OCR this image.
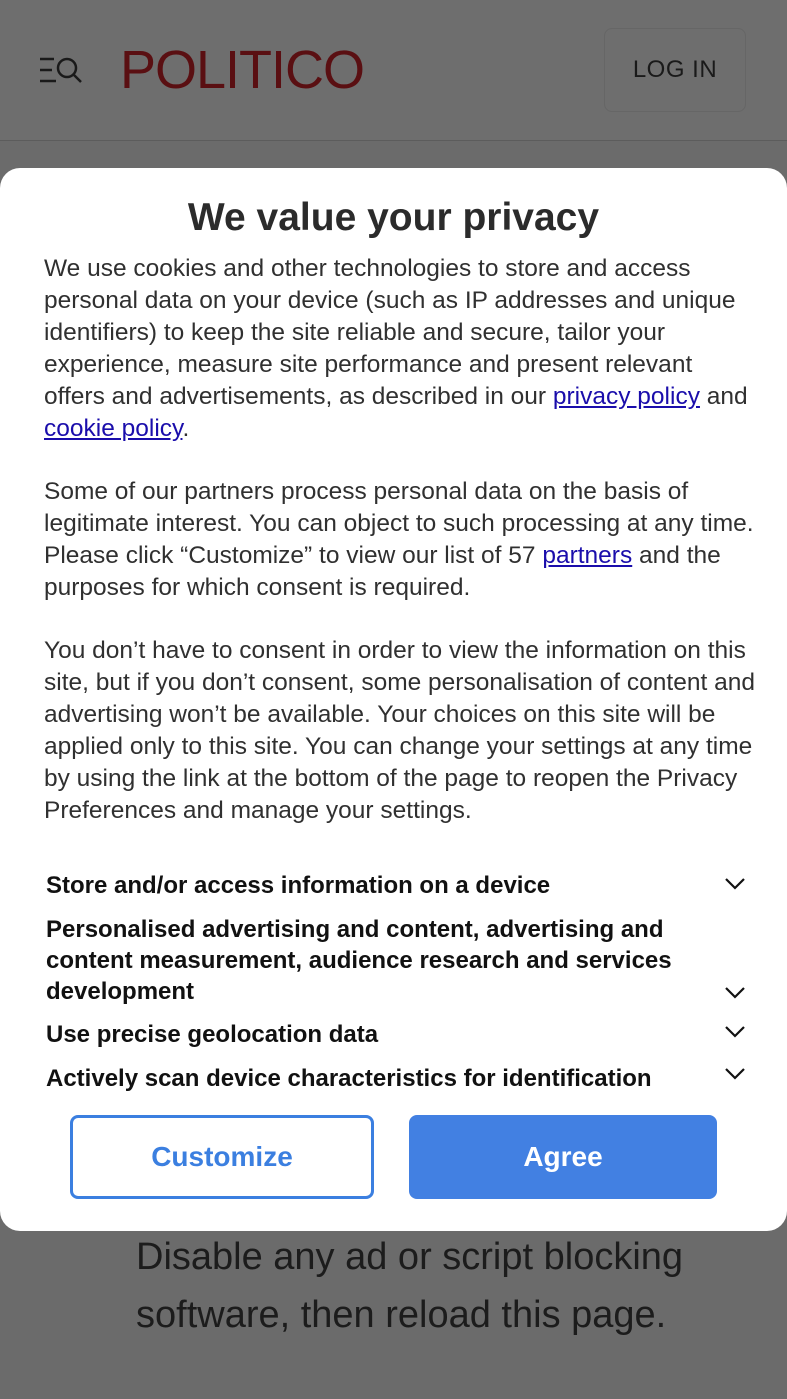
POLITICO	LOG IN
Disable any ad or script blocking software, then reload this page.
We value your privacy

We use cookies and other technologies to store and access personal data on your device (such as IP addresses and unique identifiers) to keep the site reliable and secure, tailor your experience, measure site performance and present relevant offers and advertisements, as described in our privacy policy and cookie policy.

Some of our partners process personal data on the basis of legitimate interest. You can object to such processing at any time. Please click “Customize” to view our list of 57 partners and the purposes for which consent is required.

You don’t have to consent in order to view the information on this site, but if you don’t consent, some personalisation of content and advertising won’t be available. Your choices on this site will be applied only to this site. You can change your settings at any time by using the link at the bottom of the page to reopen the Privacy Preferences and manage your settings.

Store and/or access information on a device
Personalised advertising and content, advertising and content measurement, audience research and services development
Use precise geolocation data
Actively scan device characteristics for identification
Customize	Agree
